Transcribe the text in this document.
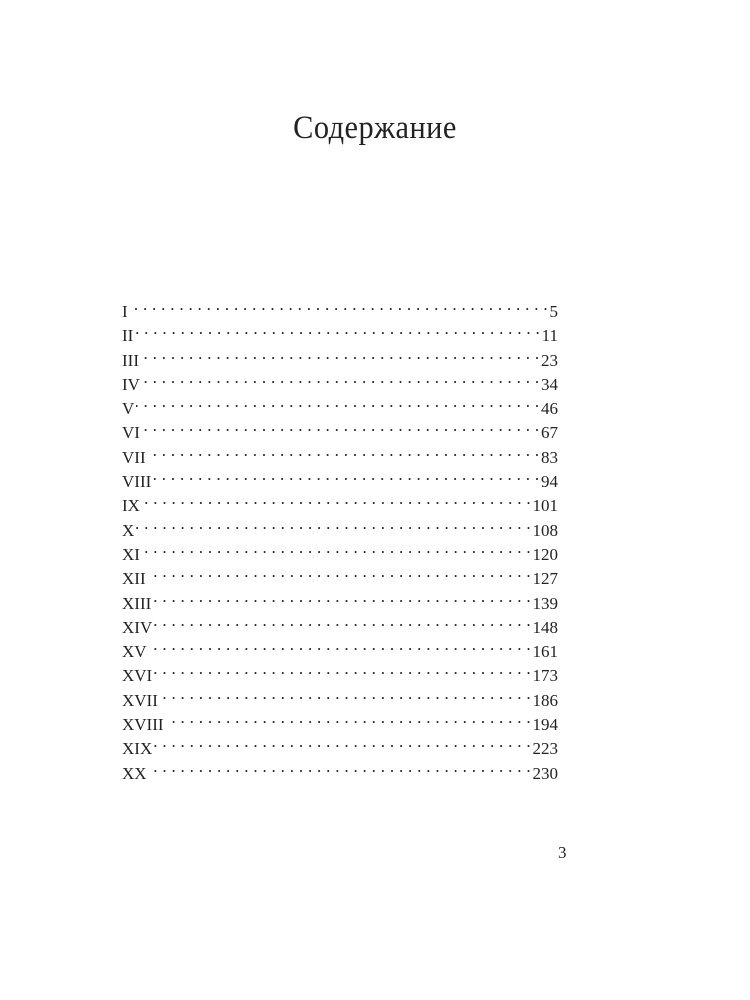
Содержание
I . . .	5
II . . .	11
III . . .	23
IV . . .	34
V . . .	46
VI . . .	67
VII . . .	83
VIII . . .	94
IX . . .	101
X . . .	108
XI . . .	120
XII . . .	127
XIII . . .	139
XIV . . .	148
XV . . .	161
XVI . . .	173
XVII . . .	186
XVIII . . .	194
XIX . . .	223
XX . . .	230
3
